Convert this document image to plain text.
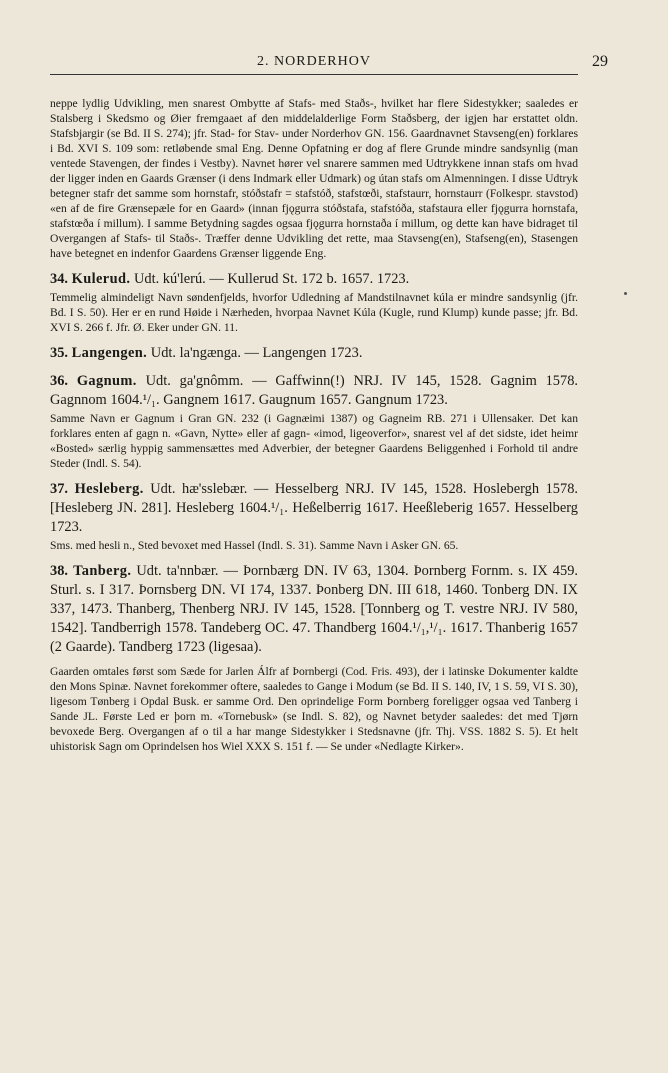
2. NORDERHOV	29

neppe lydlig Udvikling, men snarest Ombytte af Stafs- med Staðs-, hvilket har flere Sidestykker; saaledes er Stalsberg i Skedsmo og Øier fremgaaet af den middelalderlige Form Staðsberg, der igjen har erstattet oldn. Stafsbjargir (se Bd. II S. 274); jfr. Stad- for Stav- under Norderhov GN. 156. Gaardnavnet Stavseng(en) forklares i Bd. XVI S. 109 som: retløbende smal Eng. Denne Opfatning er dog af flere Grunde mindre sandsynlig (man ventede Stavengen, der findes i Vestby). Navnet hører vel snarere sammen med Udtrykkene innan stafs om hvad der ligger inden en Gaards Grænser (i dens Indmark eller Udmark) og útan stafs om Almenningen. I disse Udtryk betegner stafr det samme som hornstafr, stóðstafr = stafstóð, stafstœði, stafstaurr, hornstaurr (Folkespr. stavstod) «en af de fire Grænsepæle for en Gaard» (innan fjǫgurra stóðstafa, stafstóða, stafstaura eller fjǫgurra hornstafa, stafstœða í millum). I samme Betydning sagdes ogsaa fjǫgurra hornstaða í millum, og dette kan have bidraget til Overgangen af Stafs- til Staðs-. Træffer denne Udvikling det rette, maa Stavseng(en), Stafseng(en), Stasengen have betegnet en indenfor Gaardens Grænser liggende Eng.

34. Kulerud. Udt. kú'lerú. — Kullerud St. 172 b. 1657. 1723.

Temmelig almindeligt Navn søndenfjelds, hvorfor Udledning af Mandstilnavnet kúla er mindre sandsynlig (jfr. Bd. I S. 50). Her er en rund Høide i Nærheden, hvorpaa Navnet Kúla (Kugle, rund Klump) kunde passe; jfr. Bd. XVI S. 266 f. Jfr. Ø. Eker under GN. 11.

35. Langengen. Udt. la'ngænga. — Langengen 1723.

36. Gagnum. Udt. ga'gnômm. — Gaffwinn(!) NRJ. IV 145, 1528. Gagnim 1578. Gagnnom 1604.¹/₁. Gangnem 1617. Gaugnum 1657. Gangnum 1723.

Samme Navn er Gagnum i Gran GN. 232 (i Gagnæimi 1387) og Gagneim RB. 271 i Ullensaker. Det kan forklares enten af gagn n. «Gavn, Nytte» eller af gagn- «imod, ligeoverfor», snarest vel af det sidste, idet heimr «Bosted» særlig hyppig sammensættes med Adverbier, der betegner Gaardens Beliggenhed i Forhold til andre Steder (Indl. S. 54).

37. Hesleberg. Udt. hæ'sslebær. — Hesselberg NRJ. IV 145, 1528. Hoslebergh 1578. [Hesleberg JN. 281]. Hesleberg 1604.¹/₁. Heßelberrig 1617. Heeßleberig 1657. Hesselberg 1723.

Sms. med hesli n., Sted bevoxet med Hassel (Indl. S. 31). Samme Navn i Asker GN. 65.

38. Tanberg. Udt. ta'nnbær. — Þornbærg DN. IV 63, 1304. Þornberg Fornm. s. IX 459. Sturl. s. I 317. Þornsberg DN. VI 174, 1337. Þonberg DN. III 618, 1460. Tonberg DN. IX 337, 1473. Thanberg, Thenberg NRJ. IV 145, 1528. [Tonnberg og T. vestre NRJ. IV 580, 1542]. Tandberrigh 1578. Tandeberg OC. 47. Thandberg 1604.¹/₁,¹/₁. 1617. Thanberig 1657 (2 Gaarde). Tandberg 1723 (ligesaa).

Gaarden omtales først som Sæde for Jarlen Álfr af Þornbergi (Cod. Fris. 493), der i latinske Dokumenter kaldte den Mons Spinæ. Navnet forekommer oftere, saaledes to Gange i Modum (se Bd. II S. 140, IV, 1 S. 59, VI S. 30), ligesom Tønberg i Opdal Busk. er samme Ord. Den oprindelige Form Þornberg foreligger ogsaa ved Tanberg i Sande JL. Første Led er þorn m. «Tornebusk» (se Indl. S. 82), og Navnet betyder saaledes: det med Tjørn bevoxede Berg. Overgangen af o til a har mange Sidestykker i Stedsnavne (jfr. Thj. VSS. 1882 S. 5). Et helt uhistorisk Sagn om Oprindelsen hos Wiel XXX S. 151 f. — Se under «Nedlagte Kirker».
